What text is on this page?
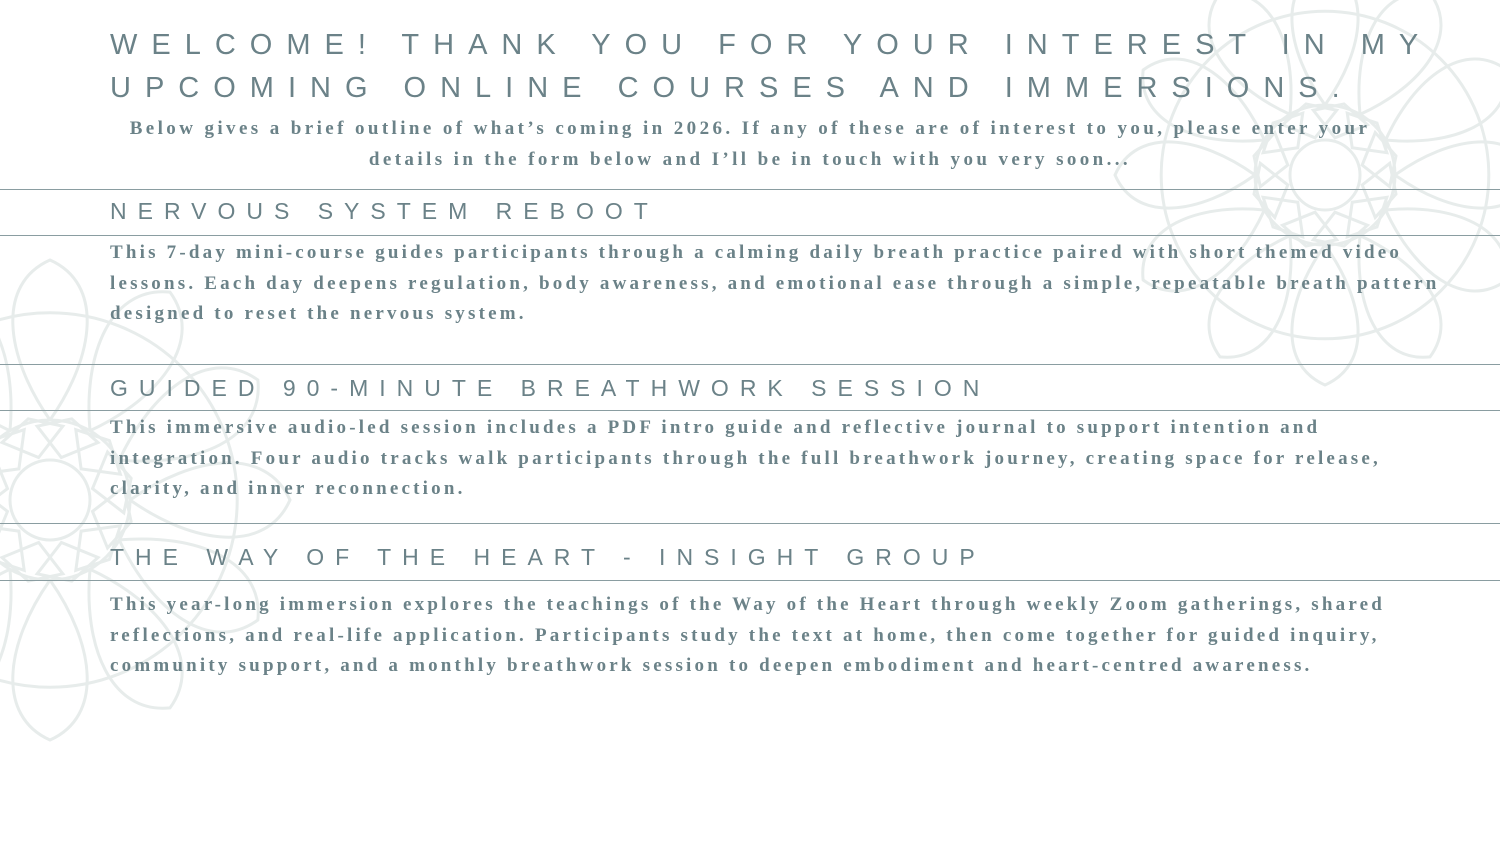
WELCOME! THANK YOU FOR YOUR INTEREST IN MY UPCOMING ONLINE COURSES AND IMMERSIONS.

Below gives a brief outline of what’s coming in 2026. If any of these are of interest to you, please enter your details in the form below and I’ll be in touch with you very soon...

NERVOUS SYSTEM REBOOT

This 7-day mini-course guides participants through a calming daily breath practice paired with short themed video lessons. Each day deepens regulation, body awareness, and emotional ease through a simple, repeatable breath pattern designed to reset the nervous system.

GUIDED 90-MINUTE BREATHWORK SESSION

This immersive audio-led session includes a PDF intro guide and reflective journal to support intention and integration. Four audio tracks walk participants through the full breathwork journey, creating space for release, clarity, and inner reconnection.

THE WAY OF THE HEART - INSIGHT GROUP

This year-long immersion explores the teachings of the Way of the Heart through weekly Zoom gatherings, shared reflections, and real-life application. Participants study the text at home, then come together for guided inquiry, community support, and a monthly breathwork session to deepen embodiment and heart-centred awareness.
